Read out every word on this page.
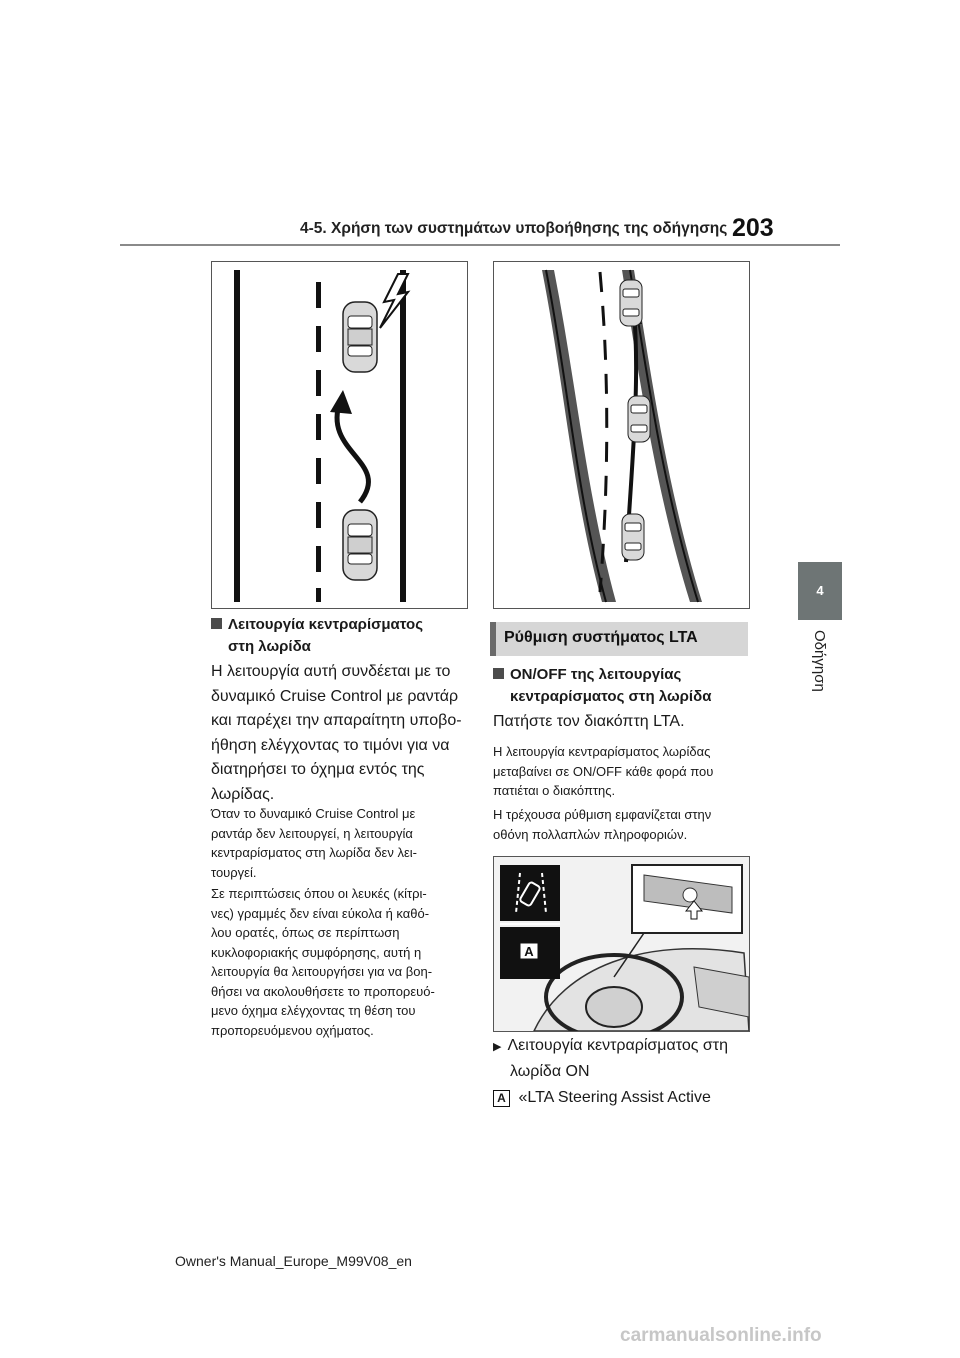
4-5. Χρήση των συστημάτων υποβοήθησης της οδήγησης 203
4
Οδήγηση
Λειτουργία κεντραρίσματος
στη λωρίδα
Η λειτουργία αυτή συνδέεται με το
δυναμικό Cruise Control με ραντάρ
και παρέχει την απαραίτητη υποβο-
ήθηση ελέγχοντας το τιμόνι για να
διατηρήσει το όχημα εντός της
λωρίδας.
Όταν το δυναμικό Cruise Control με
ραντάρ δεν λειτουργεί, η λειτουργία
κεντραρίσματος στη λωρίδα δεν λει-
τουργεί.
Σε περιπτώσεις όπου οι λευκές (κίτρι-
νες) γραμμές δεν είναι εύκολα ή καθό-
λου ορατές, όπως σε περίπτωση
κυκλοφοριακής συμφόρησης, αυτή η
λειτουργία θα λειτουργήσει για να βοη-
θήσει να ακολουθήσετε το προπορευό-
μενο όχημα ελέγχοντας τη θέση του
προπορευόμενου οχήματος.
Ρύθμιση συστήματος LTA
ON/OFF της λειτουργίας
κεντραρίσματος στη λωρίδα
Πατήστε τον διακόπτη LTA.
Η λειτουργία κεντραρίσματος λωρίδας
μεταβαίνει σε ON/OFF κάθε φορά που
πατιέται ο διακόπτης.
Η τρέχουσα ρύθμιση εμφανίζεται στην
οθόνη πολλαπλών πληροφοριών.
A
▶ Λειτουργία κεντραρίσματος στη
λωρίδα ON
A «LTA Steering Assist Active
Owner's Manual_Europe_M99V08_en
carmanualsonline.info
